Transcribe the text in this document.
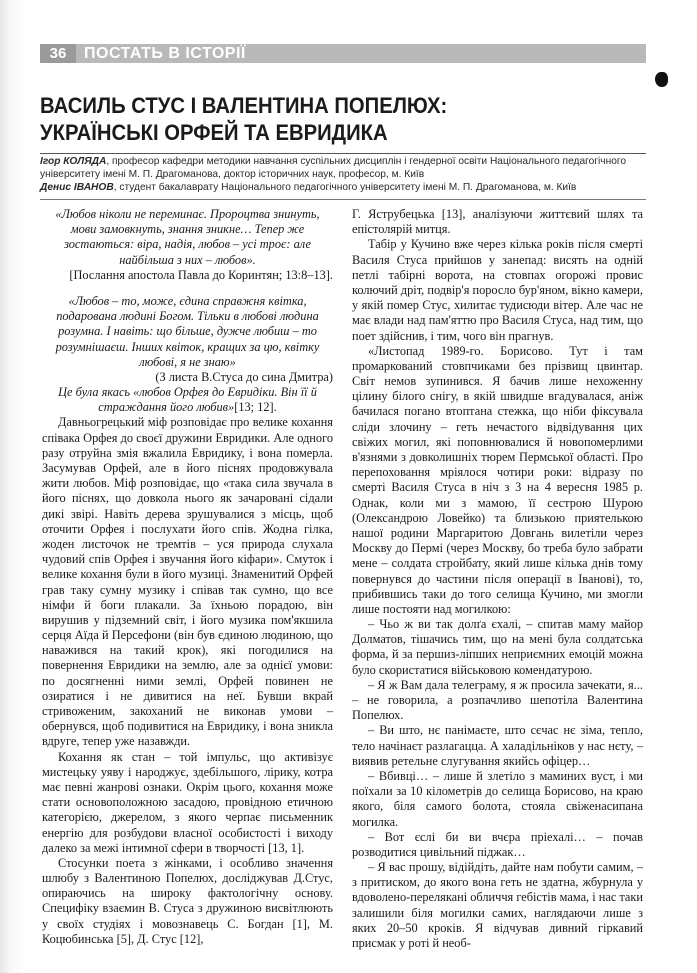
36	ПОСТАТЬ В ІСТОРІЇ
ВАСИЛЬ СТУС І ВАЛЕНТИНА ПОПЕЛЮХ:
УКРАЇНСЬКІ ОРФЕЙ ТА ЕВРИДИКА
Ігор КОЛЯДА, професор кафедри методики навчання суспільних дисциплін і гендерної освіти Національного педагогічного університету імені М. П. Драгоманова, доктор історичних наук, професор, м. Київ
Денис ІВАНОВ, студент бакалаврату Національного педагогічного університету імені М. П. Драгоманова, м. Київ

«Любов ніколи не переминає. Пророцтва знинуть, мови замовкнуть, знання зникне… Тепер же зостаються: віра, надія, любов – усі троє: але найбільша з них – любов».

[Послання апостола Павла до Коринтян; 13:8–13].

«Любов – то, може, єдина справжня квітка, подарована людині Богом. Тільки в любові людина розумна. І навіть: що більше, дужче любиш – то розумнішаєш. Інших квіток, кращих за цю, квітку любові, я не знаю»

(З листа В.Стуса до сина Дмитра)

Це була якась «любов Орфея до Евридіки. Він її й страждання його любив»[13; 12].

Давньогрецький міф розповідає про велике кохання співака Орфея до своєї дружини Евридики. Але одного разу отруйна змія вжалила Евридику, і вона померла. Засумував Орфей, але в його піснях продовжувала жити любов. Міф розповідає, що «така сила звучала в його піснях, що довкола нього як зачаровані сідали дикі звірі. Навіть дерева зрушувалися з місць, щоб оточити Орфея і послухати його спів. Жодна гілка, жоден листочок не тремтів – уся природа слухала чудовий спів Орфея і звучання його кіфари». Смуток і велике кохання були в його музиці. Знаменитий Орфей грав таку сумну музику і співав так сумно, що все німфи й боги плакали. За їхньою порадою, він вирушив у підземний світ, і його музика пом'якшила серця Аїда й Персефони (він був єдиною людиною, що наважився на такий крок), які погодилися на повернення Евридики на землю, але за однієї умови: по досягненні ними землі, Орфей повинен не озиратися і не дивитися на неї. Бувши вкрай стривоженим, закоханий не виконав умови – обернувся, щоб подивитися на Евридику, і вона зникла вдруге, тепер уже назавжди.

Кохання як стан – той імпульс, що активізує мистецьку уяву і народжує, здебільшого, лірику, котра має певні жанрові ознаки. Окрім цього, кохання може стати основоположною засадою, провідною етичною категорією, джерелом, з якого черпає письменник енергію для розбудови власної особистості і виходу далеко за межі інтимної сфери в творчості [13, 1].

Стосунки поета з жінками, і особливо значення шлюбу з Валентиною Попелюх, досліджував Д.Стус, опираючись на широку фактологічну основу. Специфіку взаємин В. Стуса з дружиною висвітлюють у своїх студіях і мовознавець С. Богдан [1], М. Коцюбинська [5], Д. Стус [12],

Г. Яструбецька [13], аналізуючи життєвий шлях та епістолярій митця.

Табір у Кучино вже через кілька років після смерті Василя Стуса прийшов у занепад: висять на одній петлі табірні ворота, на стовпах огорожі провис колючий дріт, подвір'я поросло бур'яном, вікно камери, у якій помер Стус, хилитає тудисюди вітер. Але час не має влади над пам'яттю про Василя Стуса, над тим, що поет здійснив, і тим, чого він прагнув.

«Листопад 1989-го. Борисово. Тут і там промаркований стовпчиками без прізвищ цвинтар. Світ немов зупинився. Я бачив лише нехоженну цілину білого снігу, в якій швидше вгадувалася, аніж бачилася погано втоптана стежка, що ніби фіксувала сліди злочину – геть нечастого відвідування цих свіжих могил, які поповнювалися й новопомерлими в'язнями з довколишніх тюрем Пермської області. Про перепоховання мріялося чотири роки: відразу по смерті Василя Стуса в ніч з 3 на 4 вересня 1985 р. Однак, коли ми з мамою, її сестрою Шурою (Олександрою Ловейко) та близькою приятелькою нашої родини Маргаритою Довгань вилетіли через Москву до Пермі (через Москву, бо треба було забрати мене – солдата стройбату, який лише кілька днів тому повернувся до частини після операції в Іванові), то, прибившись таки до того селища Кучино, ми змогли лише постояти над могилкою:

– Чьо ж ви так долґа єхалі, – спитав маму майор Долматов, тішачись тим, що на мені була солдатська форма, й за першиз-ліпших неприємних емоцій можна було скористатися військовою комендатурою.

– Я ж Вам дала телеграму, я ж просила зачекати, я... – не говорила, а розпачливо шепотіла Валентина Попелюх.

– Ви што, нє панімаєте, што сєчас нє зіма, тепло, тело начінаєт разлагацца. А халадільніков у нас нєту, – виявив ретельне слугування якийсь офіцер…

– Вбивці… – лише й злетіло з маминих вуст, і ми поїхали за 10 кілометрів до селища Борисово, на краю якого, біля самого болота, стояла свіженасипана могилка.

– Вот єслі би ви вчєра пріехалі… – почав розводитися цивільний піджак…

– Я вас прошу, відійдіть, дайте нам побути самим, – з притиском, до якого вона геть не здатна, жбурнула у вдоволено-перелякані обличчя гебістів мама, і нас таки залишили біля могилки самих, наглядаючи лише з яких 20–50 кроків. Я відчував дивний гіркавий присмак у роті й необ-
